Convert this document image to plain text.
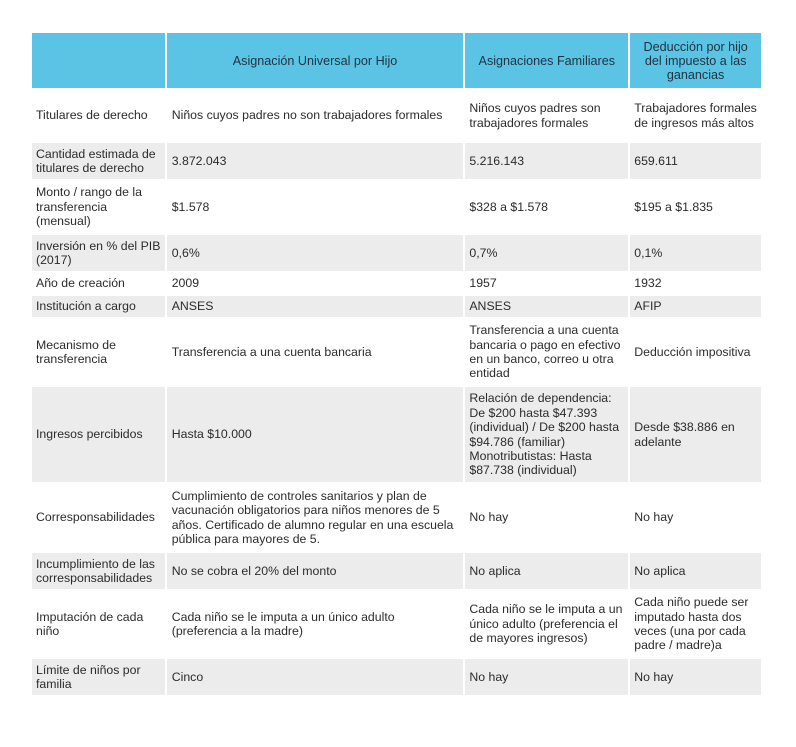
	Asignación Universal por Hijo	Asignaciones Familiares	Deducción por hijo del impuesto a las ganancias
Titulares de derecho	Niños cuyos padres no son trabajadores formales	Niños cuyos padres son trabajadores formales	Trabajadores formales de ingresos más altos
Cantidad estimada de titulares de derecho	3.872.043	5.216.143	659.611
Monto / rango de la transferencia (mensual)	$1.578	$328 a $1.578	$195 a $1.835
Inversión en % del PIB (2017)	0,6%	0,7%	0,1%
Año de creación	2009	1957	1932
Institución a cargo	ANSES	ANSES	AFIP
Mecanismo de transferencia	Transferencia a una cuenta bancaria	Transferencia a una cuenta bancaria o pago en efectivo en un banco, correo u otra entidad	Deducción impositiva
Ingresos percibidos	Hasta $10.000	Relación de dependencia: De $200 hasta $47.393 (individual) / De $200 hasta $94.786 (familiar) Monotributistas: Hasta $87.738 (individual)	Desde $38.886 en adelante
Corresponsabilidades	Cumplimiento de controles sanitarios y plan de vacunación obligatorios para niños menores de 5 años. Certificado de alumno regular en una escuela pública para mayores de 5.	No hay	No hay
Incumplimiento de las corresponsabilidades	No se cobra el 20% del monto	No aplica	No aplica
Imputación de cada niño	Cada niño se le imputa a un único adulto (preferencia a la madre)	Cada niño se le imputa a un único adulto (preferencia el de mayores ingresos)	Cada niño puede ser imputado hasta dos veces (una por cada padre / madre)a
Límite de niños por familia	Cinco	No hay	No hay
